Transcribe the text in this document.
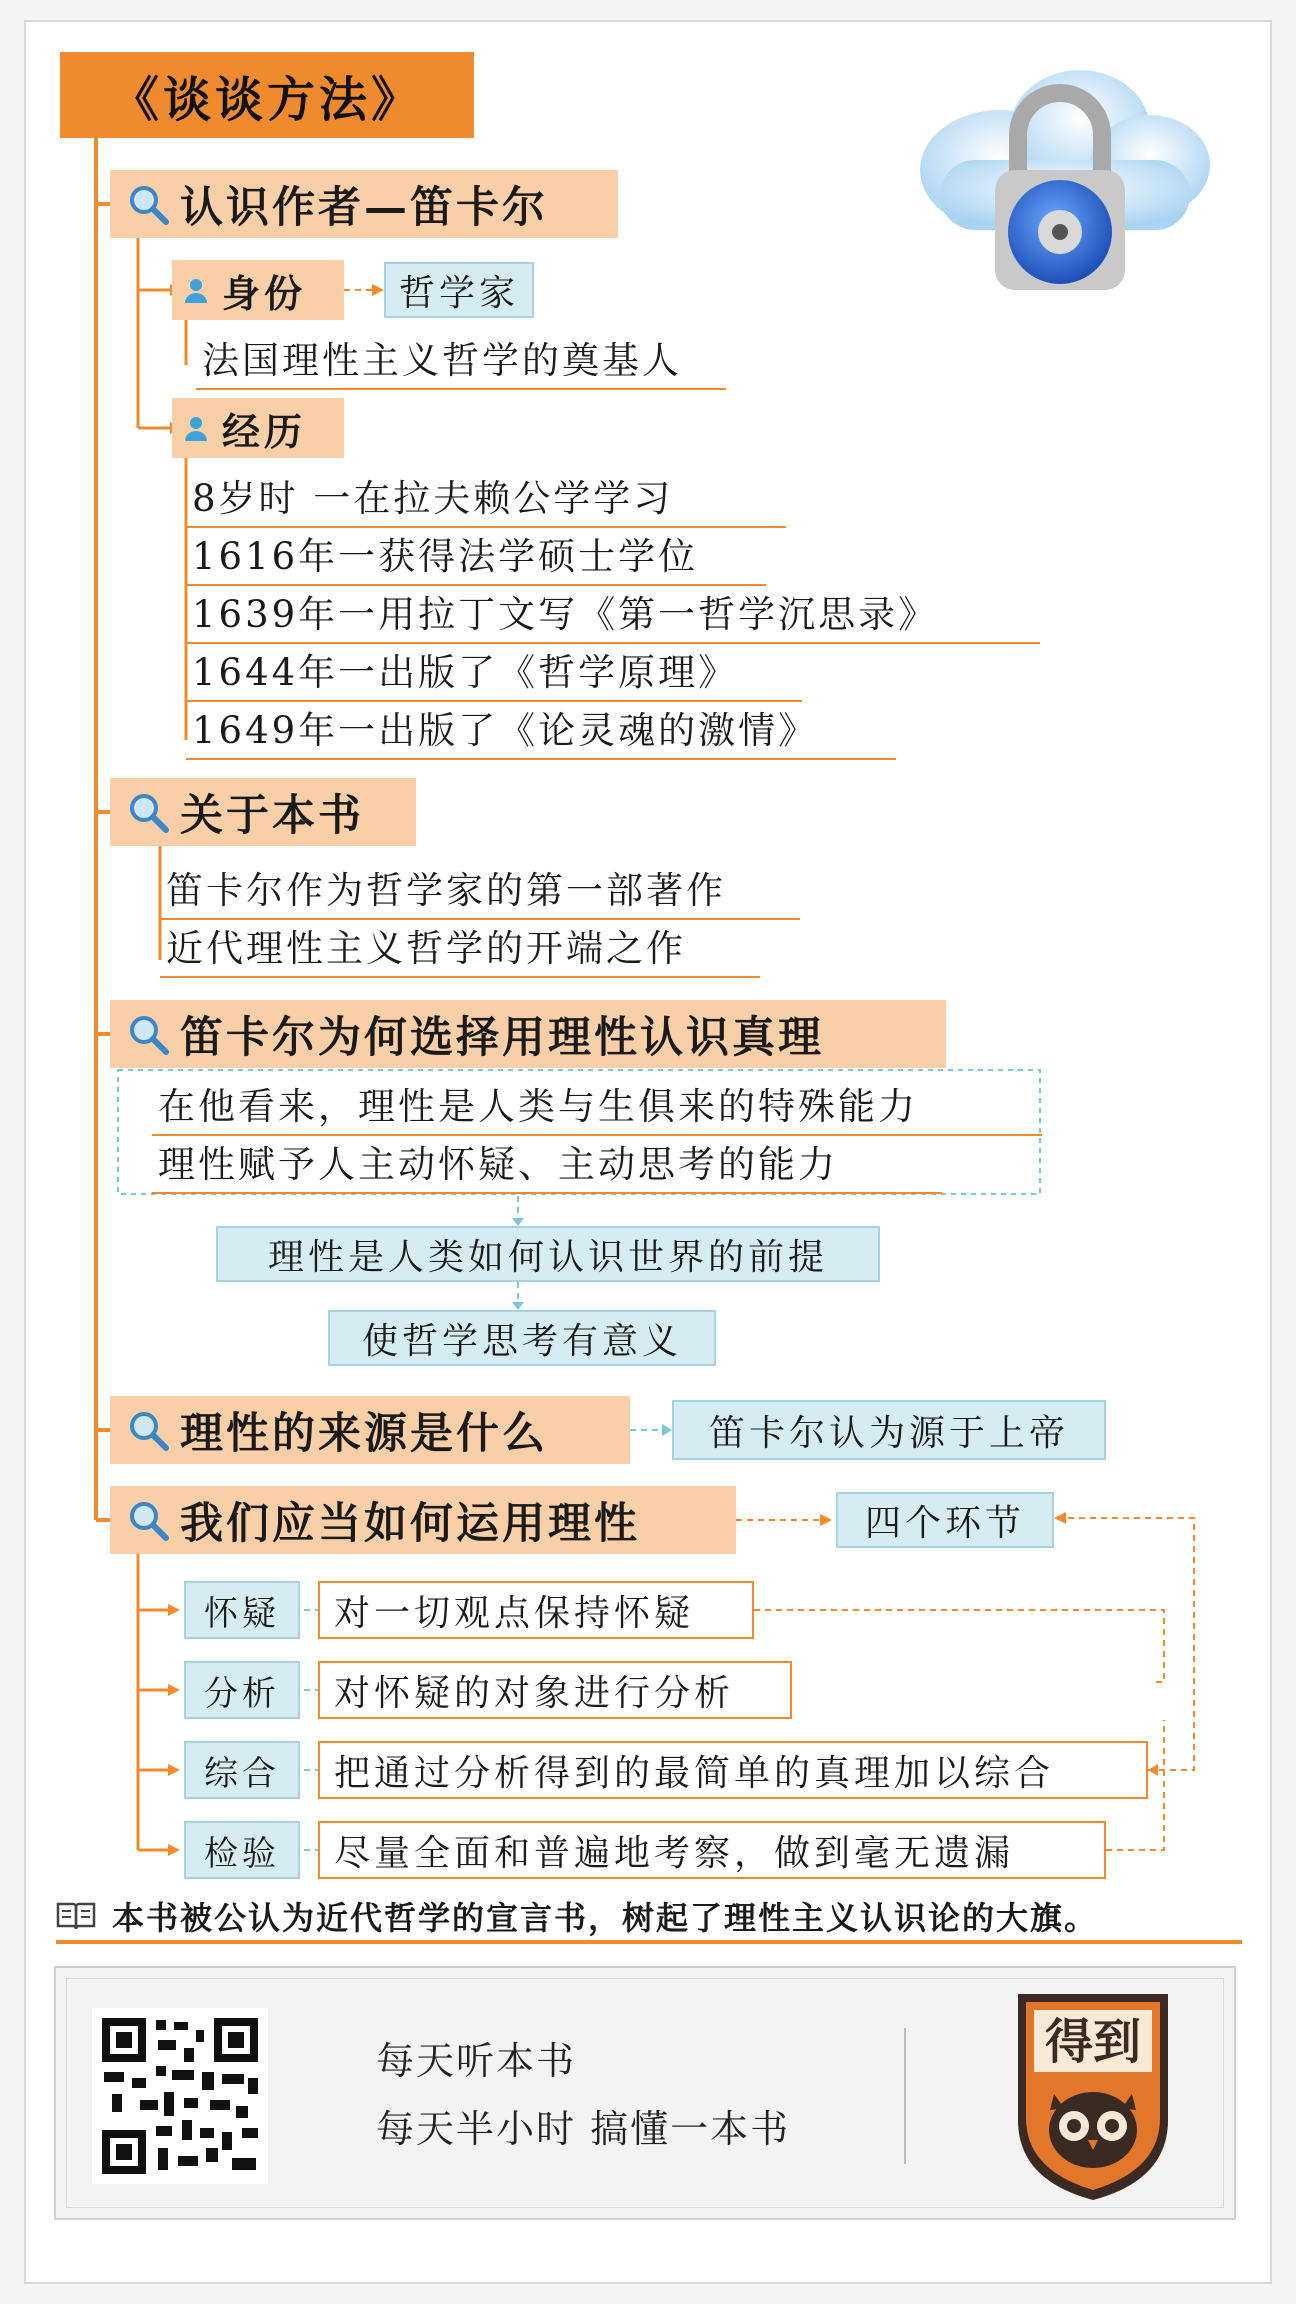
《谈谈方法》
认识作者—笛卡尔
身份	哲学家
法国理性主义哲学的奠基人
经历
8岁时 一在拉夫赖公学学习
1616年一获得法学硕士学位
1639年一用拉丁文写《第一哲学沉思录》
1644年一出版了《哲学原理》
1649年一出版了《论灵魂的激情》
关于本书
笛卡尔作为哲学家的第一部著作
近代理性主义哲学的开端之作
笛卡尔为何选择用理性认识真理
在他看来，理性是人类与生俱来的特殊能力
理性赋予人主动怀疑、主动思考的能力
理性是人类如何认识世界的前提
使哲学思考有意义
理性的来源是什么	笛卡尔认为源于上帝
我们应当如何运用理性	四个环节
怀疑	对一切观点保持怀疑
分析	对怀疑的对象进行分析
综合	把通过分析得到的最简单的真理加以综合
检验	尽量全面和普遍地考察，做到毫无遗漏
本书被公认为近代哲学的宣言书，树起了理性主义认识论的大旗。
每天听本书
每天半小时 搞懂一本书
得到
